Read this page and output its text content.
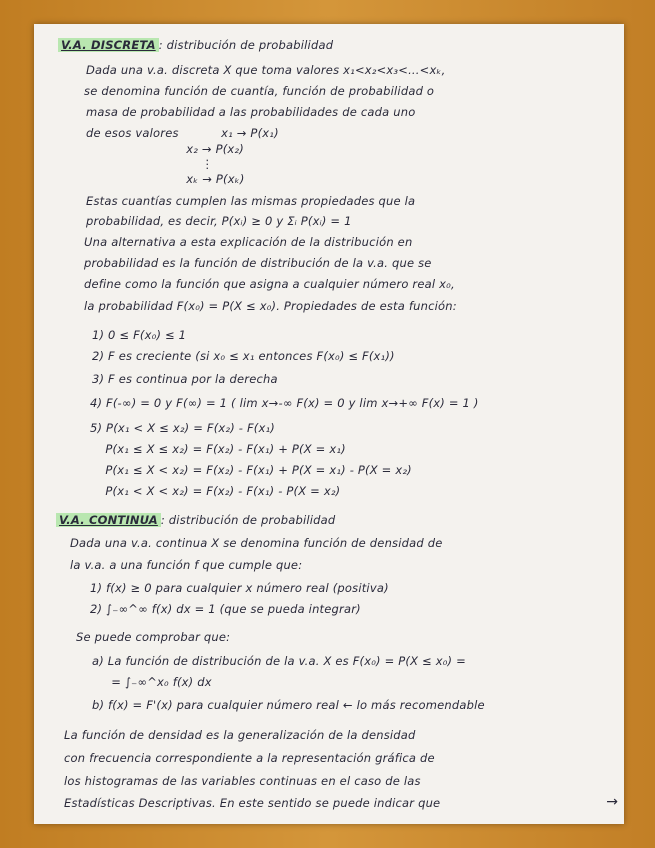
V.A. DISCRETA : distribución de probabilidad
Dada una v.a. discreta X que toma valores x₁<x₂<x₃<...<xₖ,
se denomina función de cuantía, función de probabilidad o
masa de probabilidad a las probabilidades de cada uno
de esos valores           x₁ → P(x₁)
x₂ → P(x₂)
⋮
xₖ → P(xₖ)
Estas cuantías cumplen las mismas propiedades que la
probabilidad, es decir, P(xᵢ) ≥ 0 y Σᵢ P(xᵢ) = 1
Una alternativa a esta explicación de la distribución en
probabilidad es la función de distribución de la v.a. que se
define como la función que asigna a cualquier número real x₀,
la probabilidad F(x₀) = P(X ≤ x₀). Propiedades de esta función:
1) 0 ≤ F(x₀) ≤ 1
2) F es creciente (si x₀ ≤ x₁ entonces F(x₀) ≤ F(x₁))
3) F es continua por la derecha
4) F(-∞) = 0 y F(∞) = 1 ( lim x→-∞ F(x) = 0 y lim x→+∞ F(x) = 1 )
5) P(x₁ < X ≤ x₂) = F(x₂) - F(x₁)
P(x₁ ≤ X ≤ x₂) = F(x₂) - F(x₁) + P(X = x₁)
P(x₁ ≤ X < x₂) = F(x₂) - F(x₁) + P(X = x₁) - P(X = x₂)
P(x₁ < X < x₂) = F(x₂) - F(x₁) - P(X = x₂)
V.A. CONTINUA : distribución de probabilidad
Dada una v.a. continua X se denomina función de densidad de
la v.a. a una función f que cumple que:
1) f(x) ≥ 0 para cualquier x número real (positiva)
2) ∫₋∞^∞ f(x) dx = 1 (que se pueda integrar)
Se puede comprobar que:
a) La función de distribución de la v.a. X es F(x₀) = P(X ≤ x₀) =
= ∫₋∞^x₀ f(x) dx
b) f(x) = F'(x) para cualquier número real ← lo más recomendable
La función de densidad es la generalización de la densidad
con frecuencia correspondiente a la representación gráfica de
los histogramas de las variables continuas en el caso de las
Estadísticas Descriptivas. En este sentido se puede indicar que	→
